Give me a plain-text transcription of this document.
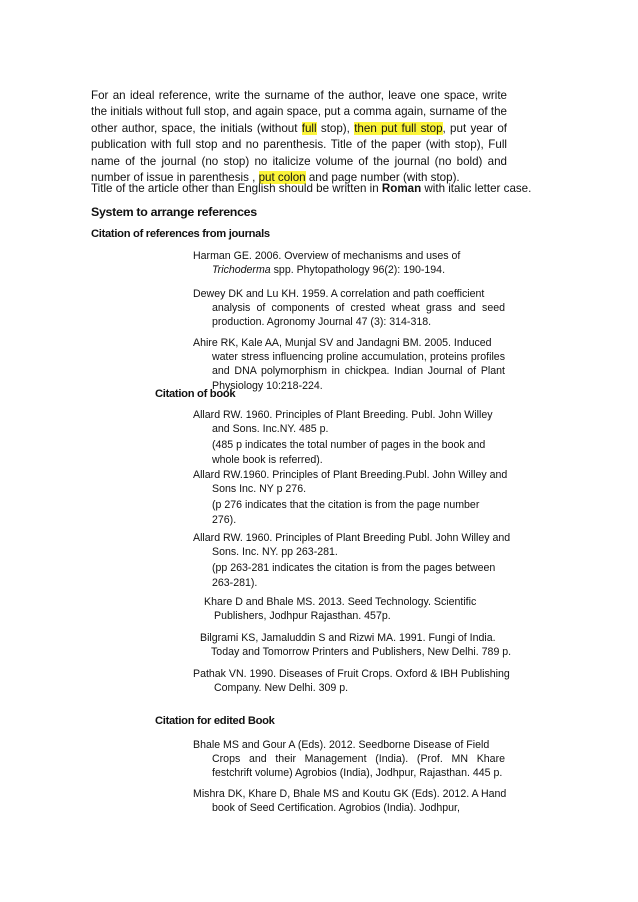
For an ideal reference, write the surname of the author, leave one space, write the initials without full stop, and again space, put a comma again, surname of the other author, space, the initials (without full stop), then put full stop, put year of publication with full stop and no parenthesis. Title of the paper (with stop), Full name of the journal (no stop) no italicize volume of the journal (no bold) and number of issue in parenthesis , put colon and page number (with stop).

Title of the article other than English should be written in Roman with italic letter case.

System to arrange references
Citation of references from journals
Harman GE. 2006. Overview of mechanisms and uses of
Trichoderma spp. Phytopathology 96(2): 190-194.
Dewey DK and Lu KH. 1959. A correlation and path coefficient
analysis of components of crested wheat grass and seed production. Agronomy Journal 47 (3): 314-318.
Ahire RK, Kale AA, Munjal SV and Jandagni BM. 2005. Induced
water stress influencing proline accumulation, proteins profiles and DNA polymorphism in chickpea. Indian Journal of Plant Physiology 10:218-224.
Citation of book
Allard RW. 1960. Principles of Plant Breeding. Publ. John Willey
and Sons. Inc.NY. 485 p.
(485 p indicates the total number of pages in the book and whole book is referred).
Allard RW.1960. Principles of Plant Breeding.Publ. John Willey and
Sons Inc. NY p 276.
(p 276 indicates that the citation is from the page number 276).
Allard RW. 1960. Principles of Plant Breeding Publ. John Willey and
Sons. Inc. NY. pp 263-281.
(pp 263-281 indicates the citation is from the pages between 263-281).
Khare D and Bhale MS. 2013. Seed Technology. Scientific
Publishers, Jodhpur Rajasthan. 457p.
Bilgrami KS, Jamaluddin S and Rizwi MA. 1991. Fungi of India.
Today and Tomorrow Printers and Publishers, New Delhi. 789 p.
Pathak VN. 1990. Diseases of Fruit Crops. Oxford & IBH Publishing
Company. New Delhi. 309 p.
Citation for edited Book
Bhale MS and Gour A (Eds). 2012. Seedborne Disease of Field
Crops and their Management (India). (Prof. MN Khare festchrift volume) Agrobios (India), Jodhpur, Rajasthan. 445 p.
Mishra DK, Khare D, Bhale MS and Koutu GK (Eds). 2012. A Hand
book of Seed Certification. Agrobios (India). Jodhpur,
